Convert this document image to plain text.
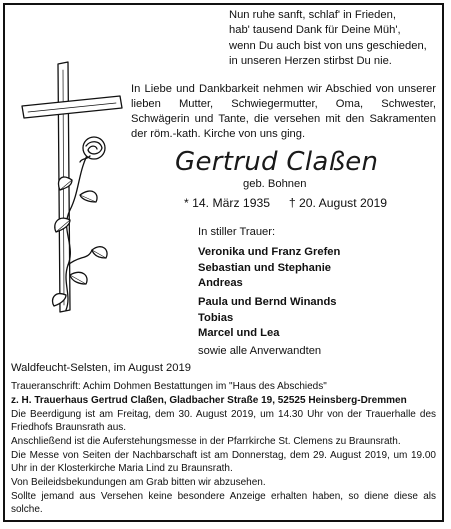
Nun ruhe sanft, schlaf' in Frieden,
hab' tausend Dank für Deine Müh',
wenn Du auch bist von uns geschieden,
in unseren Herzen stirbst Du nie.
In Liebe und Dankbarkeit nehmen wir Abschied von unserer lieben Mutter, Schwiegermutter, Oma, Schwester, Schwägerin und Tante, die versehen mit den Sakramenten der röm.-kath. Kirche von uns ging.
Gertrud Claßen
geb. Bohnen
* 14. März 1935 † 20. August 2019
In stiller Trauer:
Veronika und Franz Grefen
Sebastian und Stephanie
Andreas
Paula und Bernd Winands
Tobias
Marcel und Lea
sowie alle Anverwandten
Waldfeucht-Selsten, im August 2019

Traueranschrift: Achim Dohmen Bestattungen im "Haus des Abschieds"

z. H. Trauerhaus Gertrud Claßen, Gladbacher Straße 19, 52525 Heinsberg-Dremmen

Die Beerdigung ist am Freitag, dem 30. August 2019, um 14.30 Uhr von der Trauerhalle des Friedhofs Braunsrath aus.

Anschließend ist die Auferstehungsmesse in der Pfarrkirche St. Clemens zu Braunsrath.

Die Messe von Seiten der Nachbarschaft ist am Donnerstag, dem 29. August 2019, um 19.00 Uhr in der Klosterkirche Maria Lind zu Braunsrath.

Von Beileidsbekundungen am Grab bitten wir abzusehen.

Sollte jemand aus Versehen keine besondere Anzeige erhalten haben, so diene diese als solche.
